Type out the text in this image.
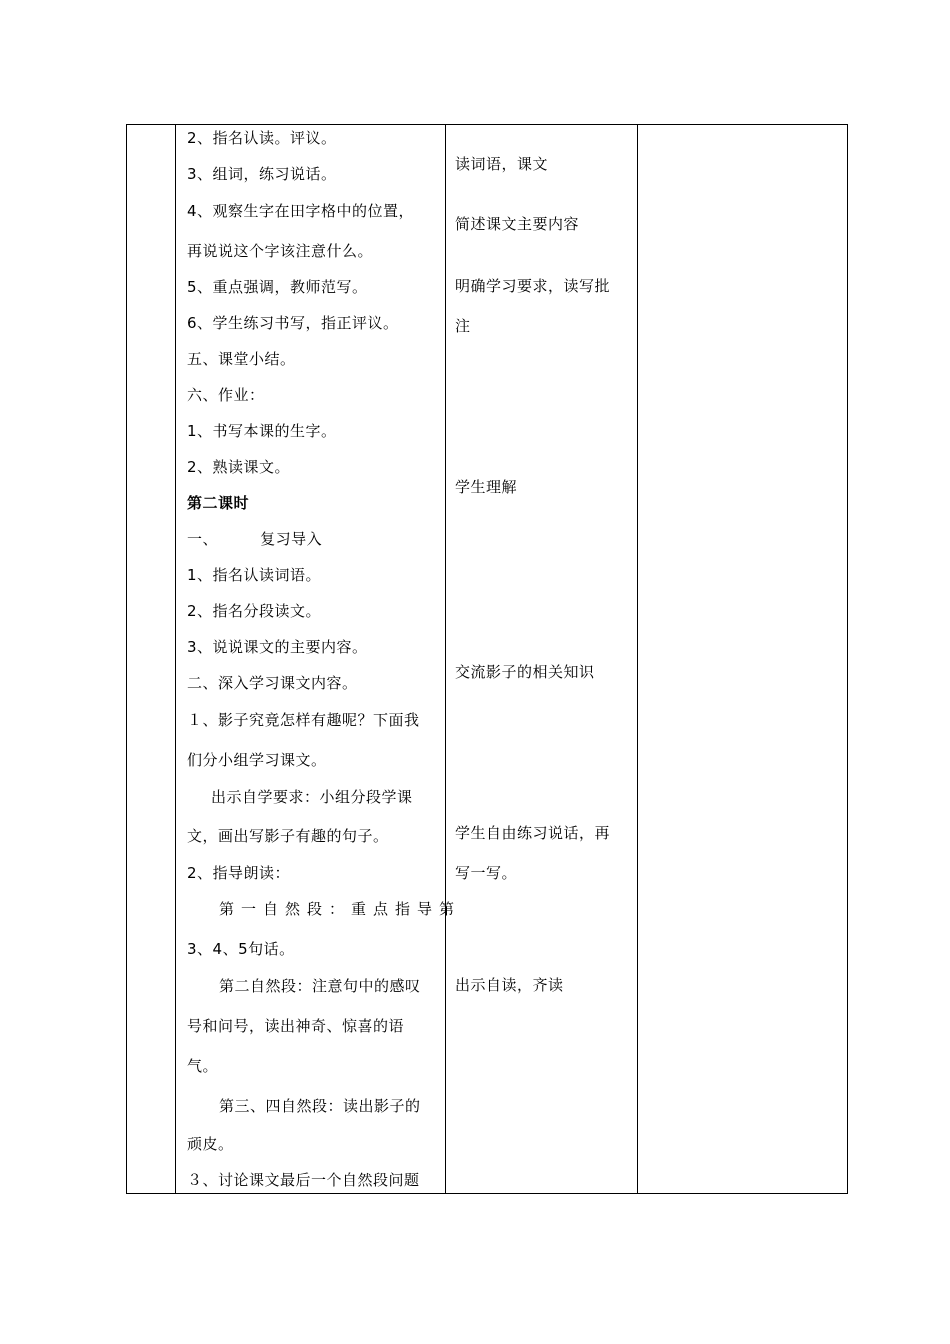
2、指名认读。评议。
3、组词，练习说话。
4、观察生字在田字格中的位置，
再说说这个字该注意什么。
5、重点强调，教师范写。
6、学生练习书写，指正评议。
五、课堂小结。
六、作业：
1、书写本课的生字。
2、熟读课文。
第二课时
一、        复习导入
1、指名认读词语。
2、指名分段读文。
3、说说课文的主要内容。
二、深入学习课文内容。
１、影子究竟怎样有趣呢？下面我
们分小组学习课文。
出示自学要求：小组分段学课
文，画出写影子有趣的句子。
2、指导朗读：
第一自然段：重点指导第
3、4、5句话。
第二自然段：注意句中的感叹
号和问号，读出神奇、惊喜的语
气。
第三、四自然段：读出影子的
顽皮。
３、讨论课文最后一个自然段问题
读词语，课文
简述课文主要内容
明确学习要求，读写批
注
学生理解
交流影子的相关知识
学生自由练习说话，再
写一写。
出示自读，齐读
